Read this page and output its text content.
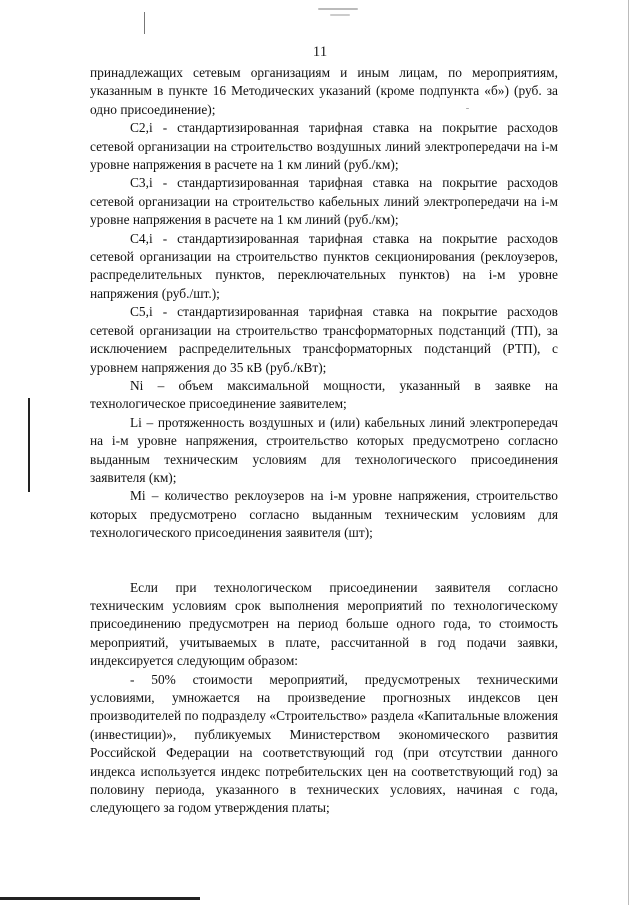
11

принадлежащих сетевым организациям и иным лицам, по мероприятиям, указанным в пункте 16 Методических указаний (кроме подпункта «б») (руб. за одно присоединение);

C2,i - стандартизированная тарифная ставка на покрытие расходов сетевой организации на строительство воздушных линий электропередачи на i-м уровне напряжения в расчете на 1 км линий (руб./км);

C3,i - стандартизированная тарифная ставка на покрытие расходов сетевой организации на строительство кабельных линий электропередачи на i-м уровне напряжения в расчете на 1 км линий (руб./км);

C4,i - стандартизированная тарифная ставка на покрытие расходов сетевой организации на строительство пунктов секционирования (реклоузеров, распределительных пунктов, переключательных пунктов) на i-м уровне напряжения (руб./шт.);

C5,i - стандартизированная тарифная ставка на покрытие расходов сетевой организации на строительство трансформаторных подстанций (ТП), за исключением распределительных трансформаторных подстанций (РТП), с уровнем напряжения до 35 кВ (руб./кВт);

Ni – объем максимальной мощности, указанный в заявке на технологическое присоединение заявителем;

Li – протяженность воздушных и (или) кабельных линий электропередач на i-м уровне напряжения, строительство которых предусмотрено согласно выданным техническим условиям для технологического присоединения заявителя (км);

Mi – количество реклоузеров на i-м уровне напряжения, строительство которых предусмотрено согласно выданным техническим условиям для технологического присоединения заявителя (шт);

Если при технологическом присоединении заявителя согласно техническим условиям срок выполнения мероприятий по технологическому присоединению предусмотрен на период больше одного года, то стоимость мероприятий, учитываемых в плате, рассчитанной в год подачи заявки, индексируется следующим образом:

- 50% стоимости мероприятий, предусмотреных техническими условиями, умножается на произведение прогнозных индексов цен производителей по подразделу «Строительство» раздела «Капитальные вложения (инвестиции)», публикуемых Министерством экономического развития Российской Федерации на соответствующий год (при отсутствии данного индекса используется индекс потребительских цен на соответствующий год) за половину периода, указанного в технических условиях, начиная с года, следующего за годом утверждения платы;
